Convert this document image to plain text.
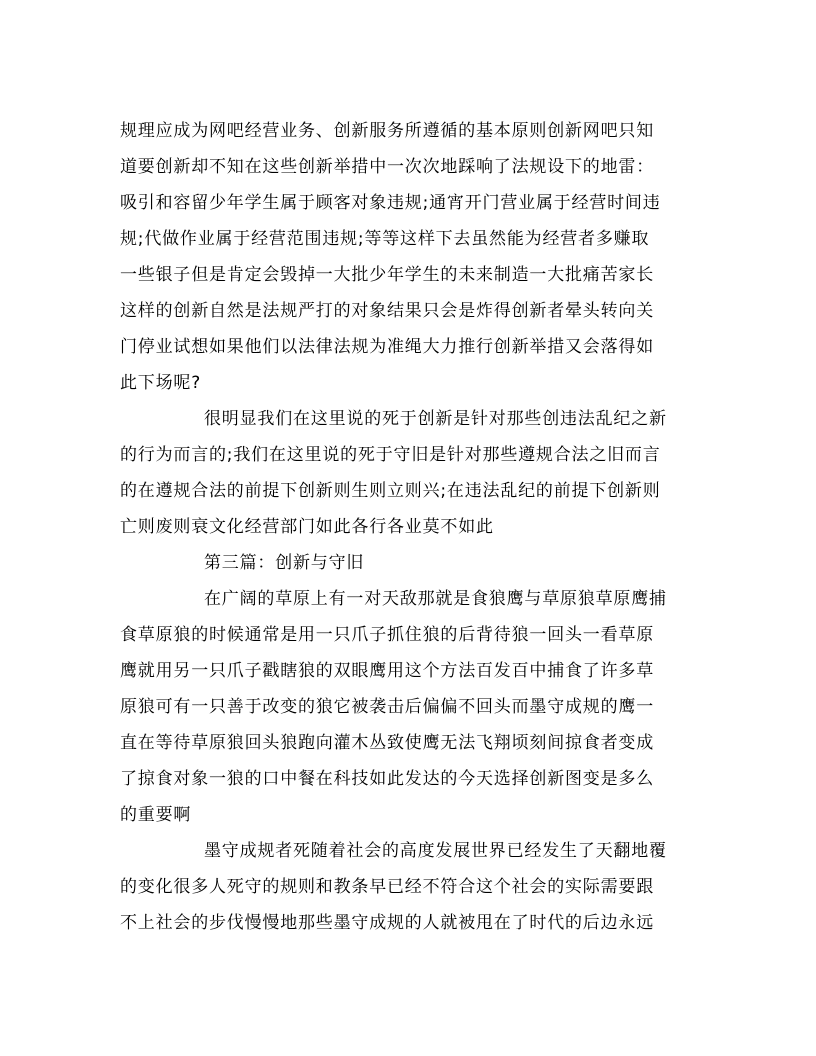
规理应成为网吧经营业务、创新服务所遵循的基本原则创新网吧只知
道要创新却不知在这些创新举措中一次次地踩响了法规设下的地雷：
吸引和容留少年学生属于顾客对象违规;通宵开门营业属于经营时间违
规;代做作业属于经营范围违规;等等这样下去虽然能为经营者多赚取
一些银子但是肯定会毁掉一大批少年学生的未来制造一大批痛苦家长
这样的创新自然是法规严打的对象结果只会是炸得创新者晕头转向关
门停业试想如果他们以法律法规为准绳大力推行创新举措又会落得如
此下场呢?
很明显我们在这里说的死于创新是针对那些创违法乱纪之新
的行为而言的;我们在这里说的死于守旧是针对那些遵规合法之旧而言
的在遵规合法的前提下创新则生则立则兴;在违法乱纪的前提下创新则
亡则废则衰文化经营部门如此各行各业莫不如此
第三篇：创新与守旧
在广阔的草原上有一对天敌那就是食狼鹰与草原狼草原鹰捕
食草原狼的时候通常是用一只爪子抓住狼的后背待狼一回头一看草原
鹰就用另一只爪子戳瞎狼的双眼鹰用这个方法百发百中捕食了许多草
原狼可有一只善于改变的狼它被袭击后偏偏不回头而墨守成规的鹰一
直在等待草原狼回头狼跑向灌木丛致使鹰无法飞翔顷刻间掠食者变成
了掠食对象一狼的口中餐在科技如此发达的今天选择创新图变是多么
的重要啊
墨守成规者死随着社会的高度发展世界已经发生了天翻地覆
的变化很多人死守的规则和教条早已经不符合这个社会的实际需要跟
不上社会的步伐慢慢地那些墨守成规的人就被甩在了时代的后边永远
